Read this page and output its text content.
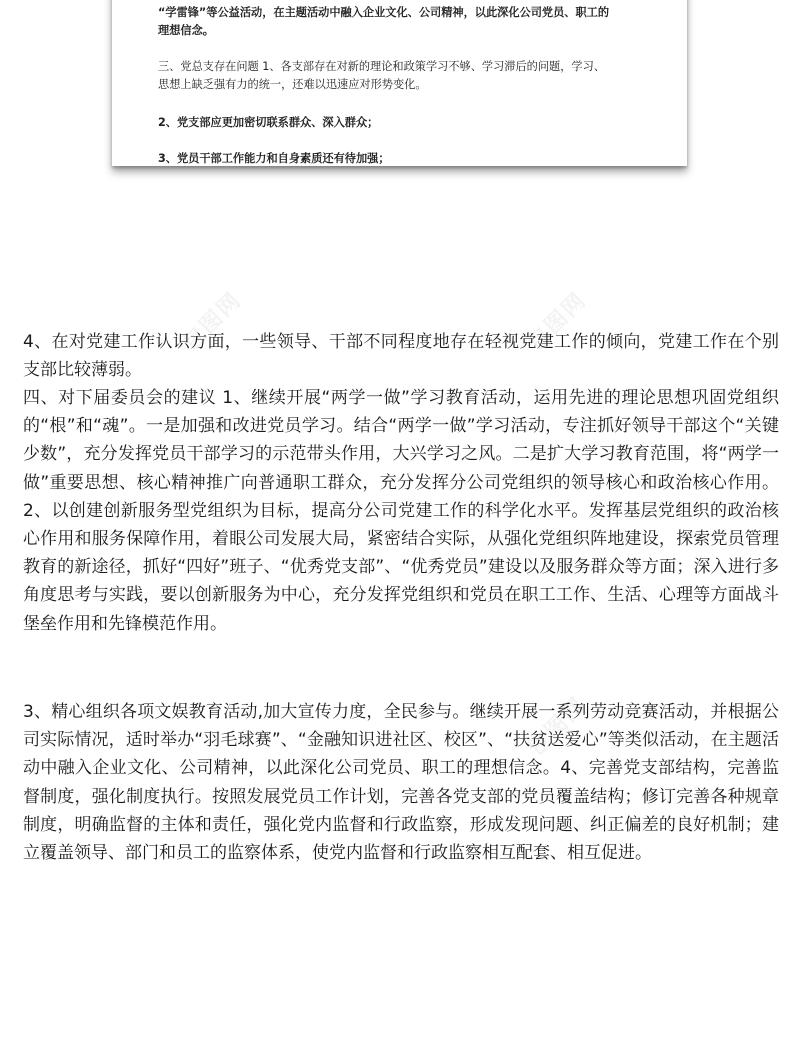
“学雷锋”等公益活动，在主题活动中融入企业文化、公司精神，以此深化公司党员、职工的

理想信念。

三、党总支存在问题 1、各支部存在对新的理论和政策学习不够、学习滞后的问题，学习、

思想上缺乏强有力的统一，还难以迅速应对形势变化。

2、党支部应更加密切联系群众、深入群众；

3、党员干部工作能力和自身素质还有待加强；

包图网	包图网
包图网

4、在对党建工作认识方面，一些领导、干部不同程度地存在轻视党建工作的倾向，党建工作在个别支部比较薄弱。

四、对下届委员会的建议 1、继续开展“两学一做”学习教育活动，运用先进的理论思想巩固党组织的“根”和“魂”。一是加强和改进党员学习。结合“两学一做”学习活动，专注抓好领导干部这个“关键少数”，充分发挥党员干部学习的示范带头作用，大兴学习之风。二是扩大学习教育范围，将“两学一做”重要思想、核心精神推广向普通职工群众，充分发挥分公司党组织的领导核心和政治核心作用。2、以创建创新服务型党组织为目标，提高分公司党建工作的科学化水平。发挥基层党组织的政治核心作用和服务保障作用，着眼公司发展大局，紧密结合实际，从强化党组织阵地建设，探索党员管理教育的新途径，抓好“四好”班子、“优秀党支部”、“优秀党员”建设以及服务群众等方面；深入进行多角度思考与实践，要以创新服务为中心，充分发挥党组织和党员在职工工作、生活、心理等方面战斗堡垒作用和先锋模范作用。

3、精心组织各项文娱教育活动,加大宣传力度，全民参与。继续开展一系列劳动竞赛活动，并根据公司实际情况，适时举办“羽毛球赛”、“金融知识进社区、校区”、“扶贫送爱心”等类似活动，在主题活动中融入企业文化、公司精神，以此深化公司党员、职工的理想信念。4、完善党支部结构，完善监督制度，强化制度执行。按照发展党员工作计划，完善各党支部的党员覆盖结构；修订完善各种规章制度，明确监督的主体和责任，强化党内监督和行政监察，形成发现问题、纠正偏差的良好机制；建立覆盖领导、部门和员工的监察体系，使党内监督和行政监察相互配套、相互促进。
